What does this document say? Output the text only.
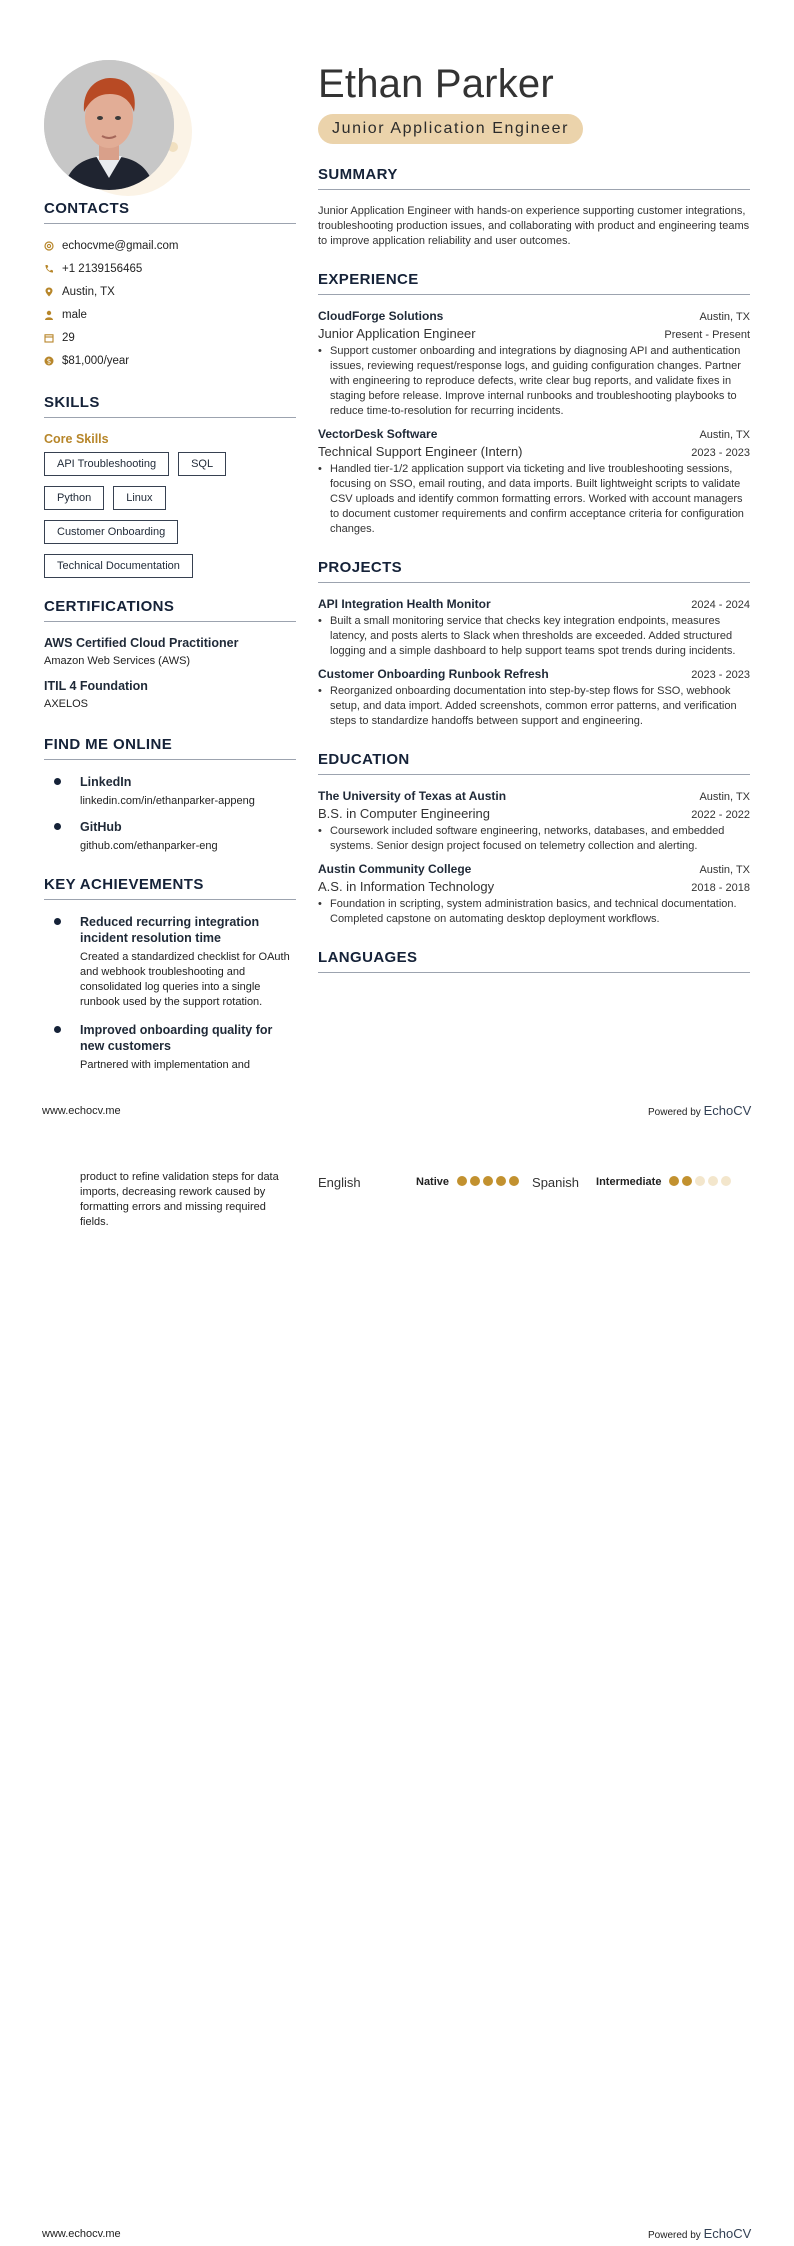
CONTACTS
echocvme@gmail.com
+1 2139156465
Austin, TX
male
29
$ $81,000/year
SKILLS
Core Skills
API Troubleshooting	SQL
Python	Linux
Customer Onboarding
Technical Documentation
CERTIFICATIONS
AWS Certified Cloud Practitioner
Amazon Web Services (AWS)
ITIL 4 Foundation
AXELOS
FIND ME ONLINE
LinkedIn
linkedin.com/in/ethanparker-appeng
GitHub
github.com/ethanparker-eng
KEY ACHIEVEMENTS
Reduced recurring integration incident resolution time
Created a standardized checklist for OAuth and webhook troubleshooting and consolidated log queries into a single runbook used by the support rotation.
Improved onboarding quality for new customers
Partnered with implementation and
Ethan Parker
Junior Application Engineer
SUMMARY
Junior Application Engineer with hands-on experience supporting customer integrations, troubleshooting production issues, and collaborating with product and engineering teams to improve application reliability and user outcomes.
EXPERIENCE
CloudForge Solutions	Austin, TX
Junior Application Engineer	Present - Present
• Support customer onboarding and integrations by diagnosing API and authentication issues, reviewing request/response logs, and guiding configuration changes. Partner with engineering to reproduce defects, write clear bug reports, and validate fixes in staging before release. Improve internal runbooks and troubleshooting playbooks to reduce time-to-resolution for recurring incidents.
VectorDesk Software	Austin, TX
Technical Support Engineer (Intern)	2023 - 2023
• Handled tier-1/2 application support via ticketing and live troubleshooting sessions, focusing on SSO, email routing, and data imports. Built lightweight scripts to validate CSV uploads and identify common formatting errors. Worked with account managers to document customer requirements and confirm acceptance criteria for configuration changes.
PROJECTS
API Integration Health Monitor	2024 - 2024
• Built a small monitoring service that checks key integration endpoints, measures latency, and posts alerts to Slack when thresholds are exceeded. Added structured logging and a simple dashboard to help support teams spot trends during incidents.
Customer Onboarding Runbook Refresh	2023 - 2023
• Reorganized onboarding documentation into step-by-step flows for SSO, webhook setup, and data import. Added screenshots, common error patterns, and verification steps to standardize handoffs between support and engineering.
EDUCATION
The University of Texas at Austin	Austin, TX
B.S. in Computer Engineering	2022 - 2022
• Coursework included software engineering, networks, databases, and embedded systems. Senior design project focused on telemetry collection and alerting.
Austin Community College	Austin, TX
A.S. in Information Technology	2018 - 2018
• Foundation in scripting, system administration basics, and technical documentation. Completed capstone on automating desktop deployment workflows.
LANGUAGES
www.echocv.me	Powered by EchoCV
product to refine validation steps for data imports, decreasing rework caused by formatting errors and missing required fields.
English	Native	Spanish	Intermediate
www.echocv.me	Powered by EchoCV
